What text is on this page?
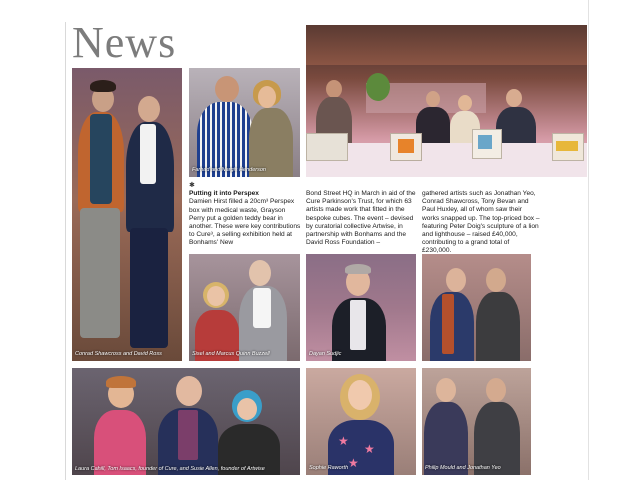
News
Conrad Shawcross and David Ross
Farhad and Nargis Henderson
✱
Putting it into Perspex
Damien Hirst filled a 20cm³ Perspex box with medical waste, Grayson Perry put a golden teddy bear in another. These were key contributions to Cure³, a selling exhibition held at Bonhams' New
Bond Street HQ in March in aid of the Cure Parkinson's Trust, for which 63 artists made work that fitted in the bespoke cubes. The event – devised by curatorial collective Artwise, in partnership with Bonhams and the David Ross Foundation –
gathered artists such as Jonathan Yeo, Conrad Shawcross, Tony Bevan and Paul Huxley, all of whom saw their works snapped up. The top-priced box – featuring Peter Doig's sculpture of a lion and lighthouse – raised £40,000, contributing to a grand total of £230,000.
Sisel and Marcus Quinn Buzzell	Dayan Sudjic
Laura Cahill, Tom Isaacs, founder of Cure, and Susie Allen, founder of Artwise
★
★
★
Sophie Raworth	Philip Mould and Jonathan Yeo
